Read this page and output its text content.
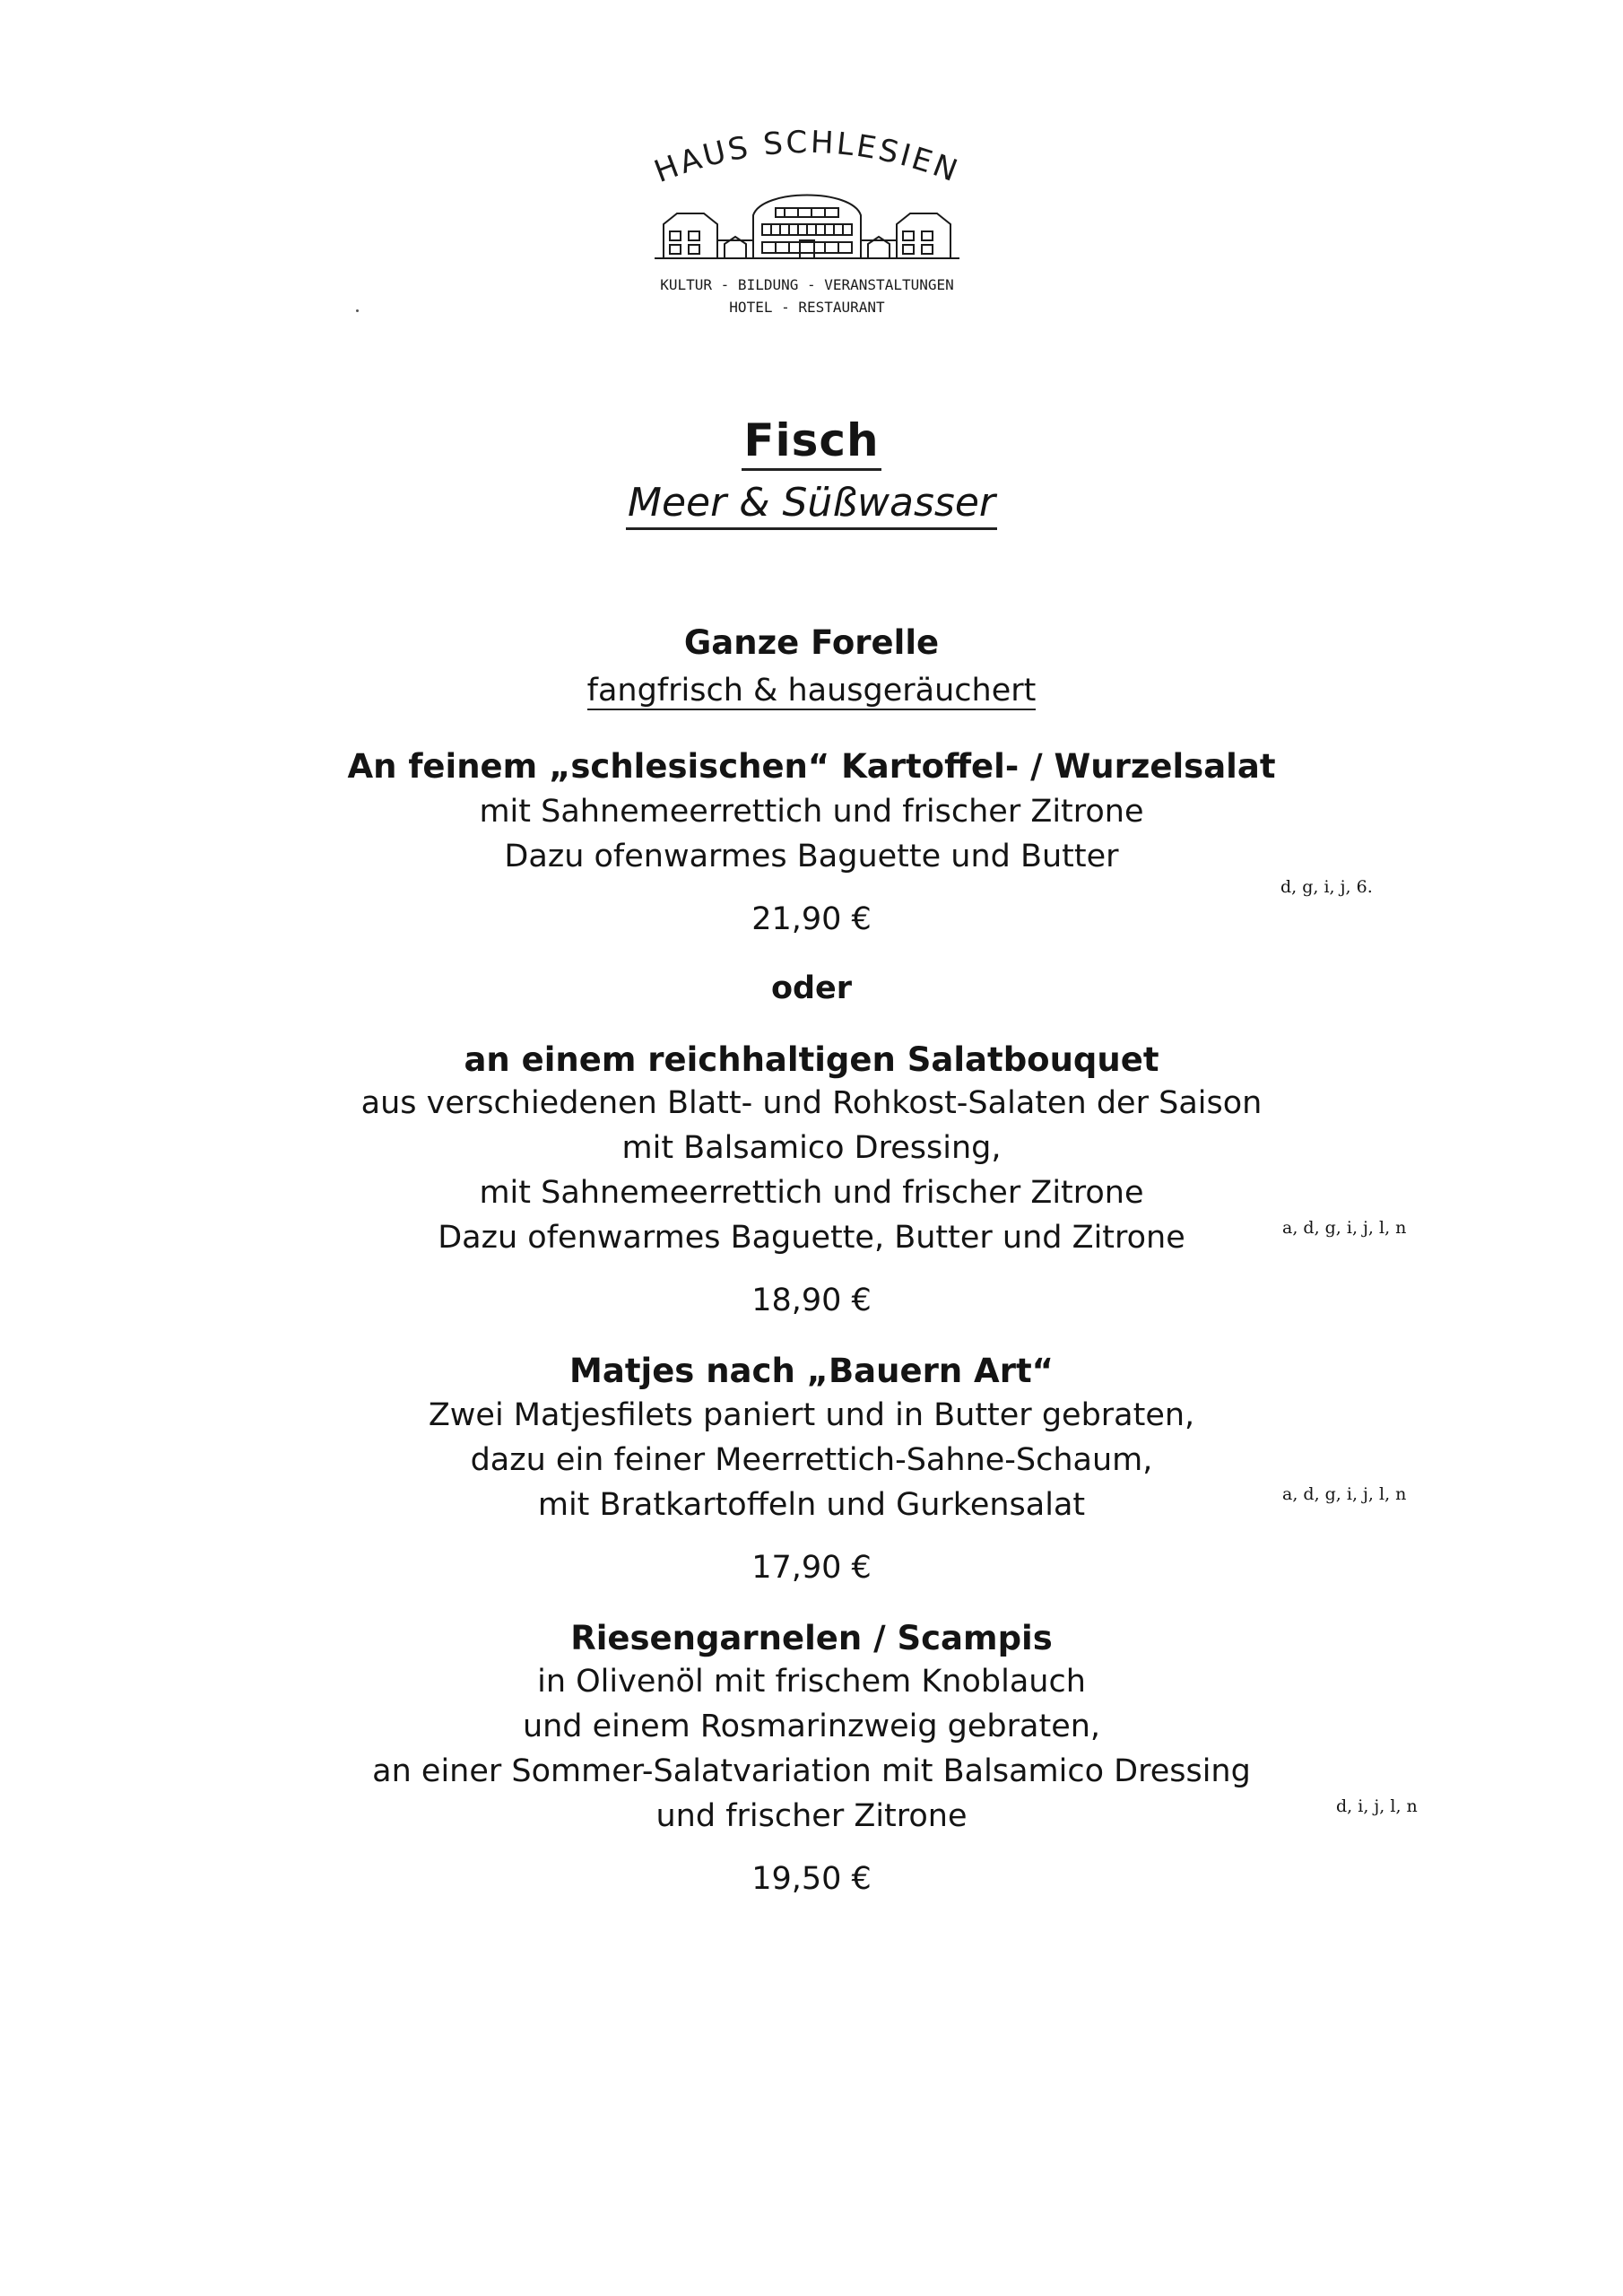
HAUS SCHLESIEN
KULTUR - BILDUNG - VERANSTALTUNGEN
HOTEL - RESTAURANT
Fisch
Meer & Süßwasser
Ganze Forelle
fangfrisch & hausgeräuchert
An feinem „schlesischen“ Kartoffel- / Wurzelsalat
mit Sahnemeerrettich und frischer Zitrone
Dazu ofenwarmes Baguette und Butter
d, g, i, j, 6.
21,90 €
oder
an einem reichhaltigen Salatbouquet
aus verschiedenen Blatt- und Rohkost-Salaten der Saison
mit Balsamico Dressing,
mit Sahnemeerrettich und frischer Zitrone
Dazu ofenwarmes Baguette, Butter und Zitrone	a, d, g, i, j, l, n
18,90 €
Matjes nach „Bauern Art“
Zwei Matjesfilets paniert und in Butter gebraten,
dazu ein feiner Meerrettich-Sahne-Schaum,
mit Bratkartoffeln und Gurkensalat	a, d, g, i, j, l, n
17,90 €
Riesengarnelen / Scampis
in Olivenöl mit frischem Knoblauch
und einem Rosmarinzweig gebraten,
an einer Sommer-Salatvariation mit Balsamico Dressing
und frischer Zitrone	d, i, j, l, n
19,50 €
